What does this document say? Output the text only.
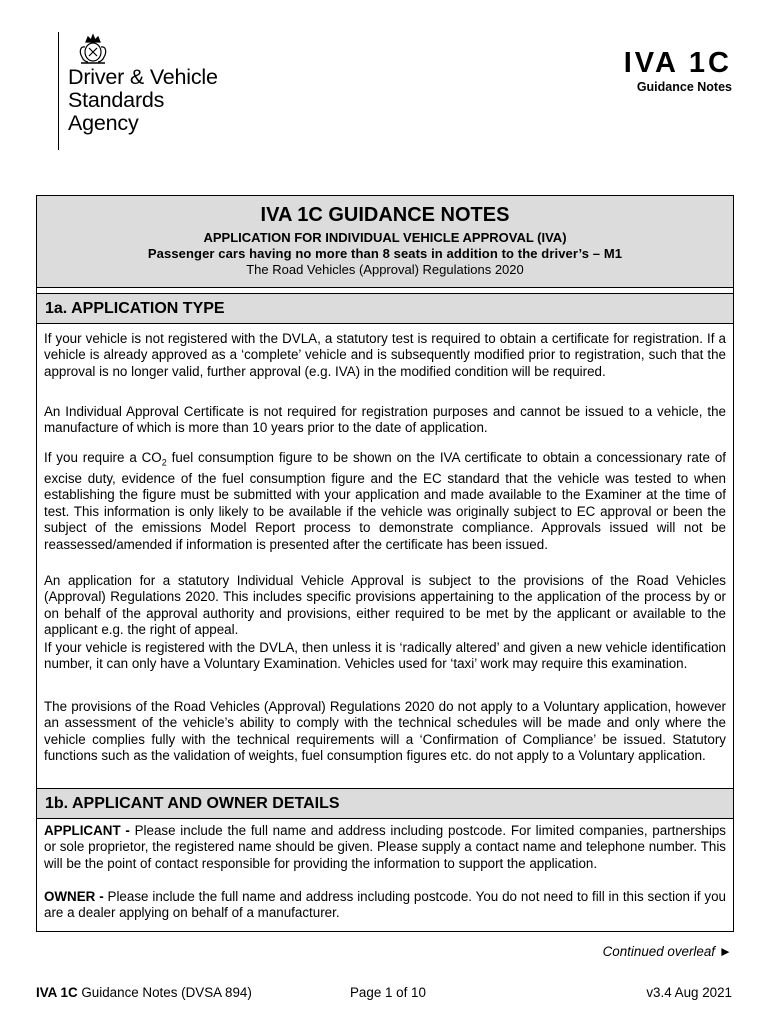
Driver & Vehicle
Standards
Agency
IVA 1C
Guidance Notes
IVA 1C GUIDANCE NOTES
APPLICATION FOR INDIVIDUAL VEHICLE APPROVAL (IVA)
Passenger cars having no more than 8 seats in addition to the driver’s – M1
The Road Vehicles (Approval) Regulations 2020
1a. APPLICATION TYPE

If your vehicle is not registered with the DVLA, a statutory test is required to obtain a certificate for registration. If a vehicle is already approved as a ‘complete’ vehicle and is subsequently modified prior to registration, such that the approval is no longer valid, further approval (e.g. IVA) in the modified condition will be required.

An Individual Approval Certificate is not required for registration purposes and cannot be issued to a vehicle, the manufacture of which is more than 10 years prior to the date of application.

If you require a $CO_2$ fuel consumption figure to be shown on the IVA certificate to obtain a concessionary rate of excise duty, evidence of the fuel consumption figure and the EC standard that the vehicle was tested to when establishing the figure must be submitted with your application and made available to the Examiner at the time of test. This information is only likely to be available if the vehicle was originally subject to EC approval or been the subject of the emissions Model Report process to demonstrate compliance. Approvals issued will not be reassessed/amended if information is presented after the certificate has been issued.

An application for a statutory Individual Vehicle Approval is subject to the provisions of the Road Vehicles (Approval) Regulations 2020. This includes specific provisions appertaining to the application of the process by or on behalf of the approval authority and provisions, either required to be met by the applicant or available to the applicant e.g. the right of appeal.

If your vehicle is registered with the DVLA, then unless it is ‘radically altered’ and given a new vehicle identification number, it can only have a Voluntary Examination. Vehicles used for ‘taxi’ work may require this examination.

The provisions of the Road Vehicles (Approval) Regulations 2020 do not apply to a Voluntary application, however an assessment of the vehicle’s ability to comply with the technical schedules will be made and only where the vehicle complies fully with the technical requirements will a ‘Confirmation of Compliance’ be issued. Statutory functions such as the validation of weights, fuel consumption figures etc. do not apply to a Voluntary application.

1b. APPLICANT AND OWNER DETAILS

APPLICANT - Please include the full name and address including postcode. For limited companies, partnerships or sole proprietor, the registered name should be given. Please supply a contact name and telephone number. This will be the point of contact responsible for providing the information to support the application.

OWNER - Please include the full name and address including postcode. You do not need to fill in this section if you are a dealer applying on behalf of a manufacturer.

Continued overleaf ►
IVA 1C Guidance Notes (DVSA 894)	Page 1 of 10	v3.4 Aug 2021
